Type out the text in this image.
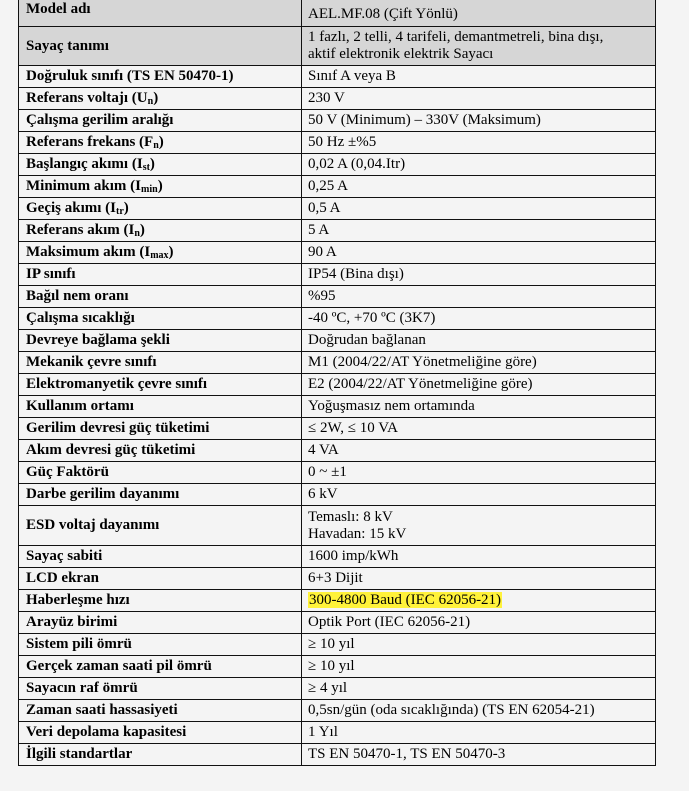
Model adı	AEL.MF.08 (Çift Yönlü)

Sayaç tanımı	1 fazlı, 2 telli, 4 tarifeli, demantmetreli, bina dışı,
aktif elektronik elektrik Sayacı

Doğruluk sınıfı (TS EN 50470-1)	Sınıf A veya B

Referans voltajı $(U_n)$	230 V

Çalışma gerilim aralığı	50 V (Minimum) – 330V (Maksimum)

Referans frekans $(F_n)$	50 Hz ±%5

Başlangıç akımı $(I_{st})$	0,02 A (0,04.Itr)

Minimum akım $(I_{min})$	0,25 A

Geçiş akımı $(I_{tr})$	0,5 A

Referans akım $(I_n)$	5 A

Maksimum akım $(I_{max})$	90 A

IP sınıfı	IP54 (Bina dışı)

Bağıl nem oranı	%95

Çalışma sıcaklığı	-40 ºC, +70 ºC (3K7)

Devreye bağlama şekli	Doğrudan bağlanan

Mekanik çevre sınıfı	M1 (2004/22/AT Yönetmeliğine göre)

Elektromanyetik çevre sınıfı	E2 (2004/22/AT Yönetmeliğine göre)

Kullanım ortamı	Yoğuşmasız nem ortamında

Gerilim devresi güç tüketimi	≤ 2W, ≤ 10 VA

Akım devresi güç tüketimi	4 VA

Güç Faktörü	0 ~ ±1

Darbe gerilim dayanımı	6 kV

ESD voltaj dayanımı	Temaslı: 8 kV
Havadan: 15 kV

Sayaç sabiti	1600 imp/kWh

LCD ekran	6+3 Dijit

Haberleşme hızı	300-4800 Baud (IEC 62056-21)

Arayüz birimi	Optik Port (IEC 62056-21)

Sistem pili ömrü	≥ 10 yıl

Gerçek zaman saati pil ömrü	≥ 10 yıl

Sayacın raf ömrü	≥ 4 yıl

Zaman saati hassasiyeti	0,5sn/gün (oda sıcaklığında) (TS EN 62054-21)

Veri depolama kapasitesi	1 Yıl

İlgili standartlar	TS EN 50470-1, TS EN 50470-3
